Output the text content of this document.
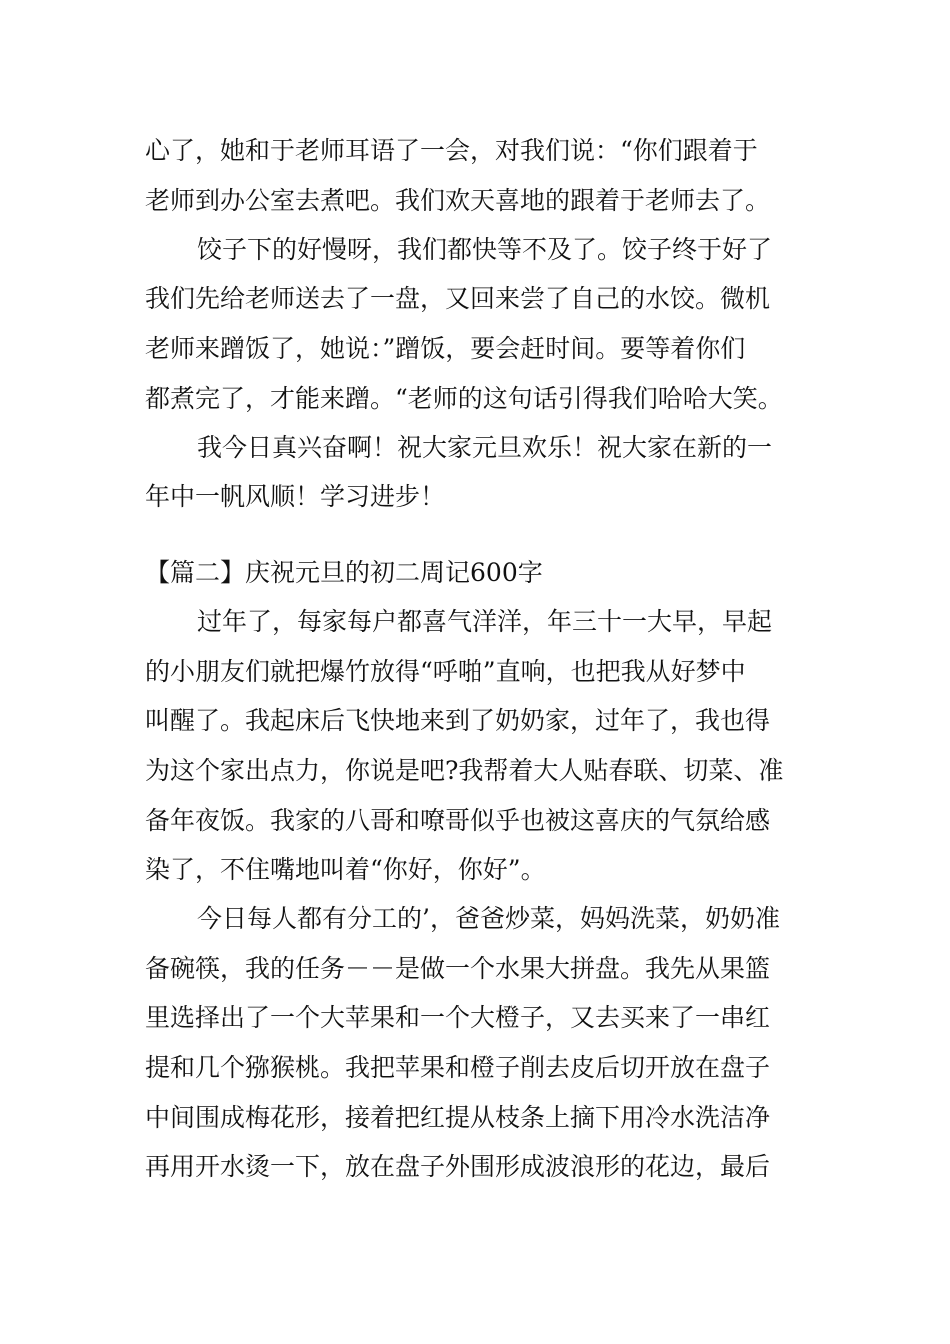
心了，她和于老师耳语了一会，对我们说：“你们跟着于
老师到办公室去煮吧。我们欢天喜地的跟着于老师去了。
饺子下的好慢呀，我们都快等不及了。饺子终于好了
我们先给老师送去了一盘，又回来尝了自己的水饺。微机
老师来蹭饭了，她说：”蹭饭，要会赶时间。要等着你们
都煮完了，才能来蹭。“老师的这句话引得我们哈哈大笑。
我今日真兴奋啊！祝大家元旦欢乐！祝大家在新的一
年中一帆风顺！学习进步！
【篇二】庆祝元旦的初二周记600字
过年了，每家每户都喜气洋洋，年三十一大早，早起
的小朋友们就把爆竹放得“呼啪”直响，也把我从好梦中
叫醒了。我起床后飞快地来到了奶奶家，过年了，我也得
为这个家出点力，你说是吧?我帮着大人贴春联、切菜、准
备年夜饭。我家的八哥和嘹哥似乎也被这喜庆的气氛给感
染了，不住嘴地叫着“你好，你好”。
今日每人都有分工的’，爸爸炒菜，妈妈洗菜，奶奶准
备碗筷，我的任务－－是做一个水果大拼盘。我先从果篮
里选择出了一个大苹果和一个大橙子，又去买来了一串红
提和几个猕猴桃。我把苹果和橙子削去皮后切开放在盘子
中间围成梅花形，接着把红提从枝条上摘下用冷水洗洁净
再用开水烫一下，放在盘子外围形成波浪形的花边，最后
